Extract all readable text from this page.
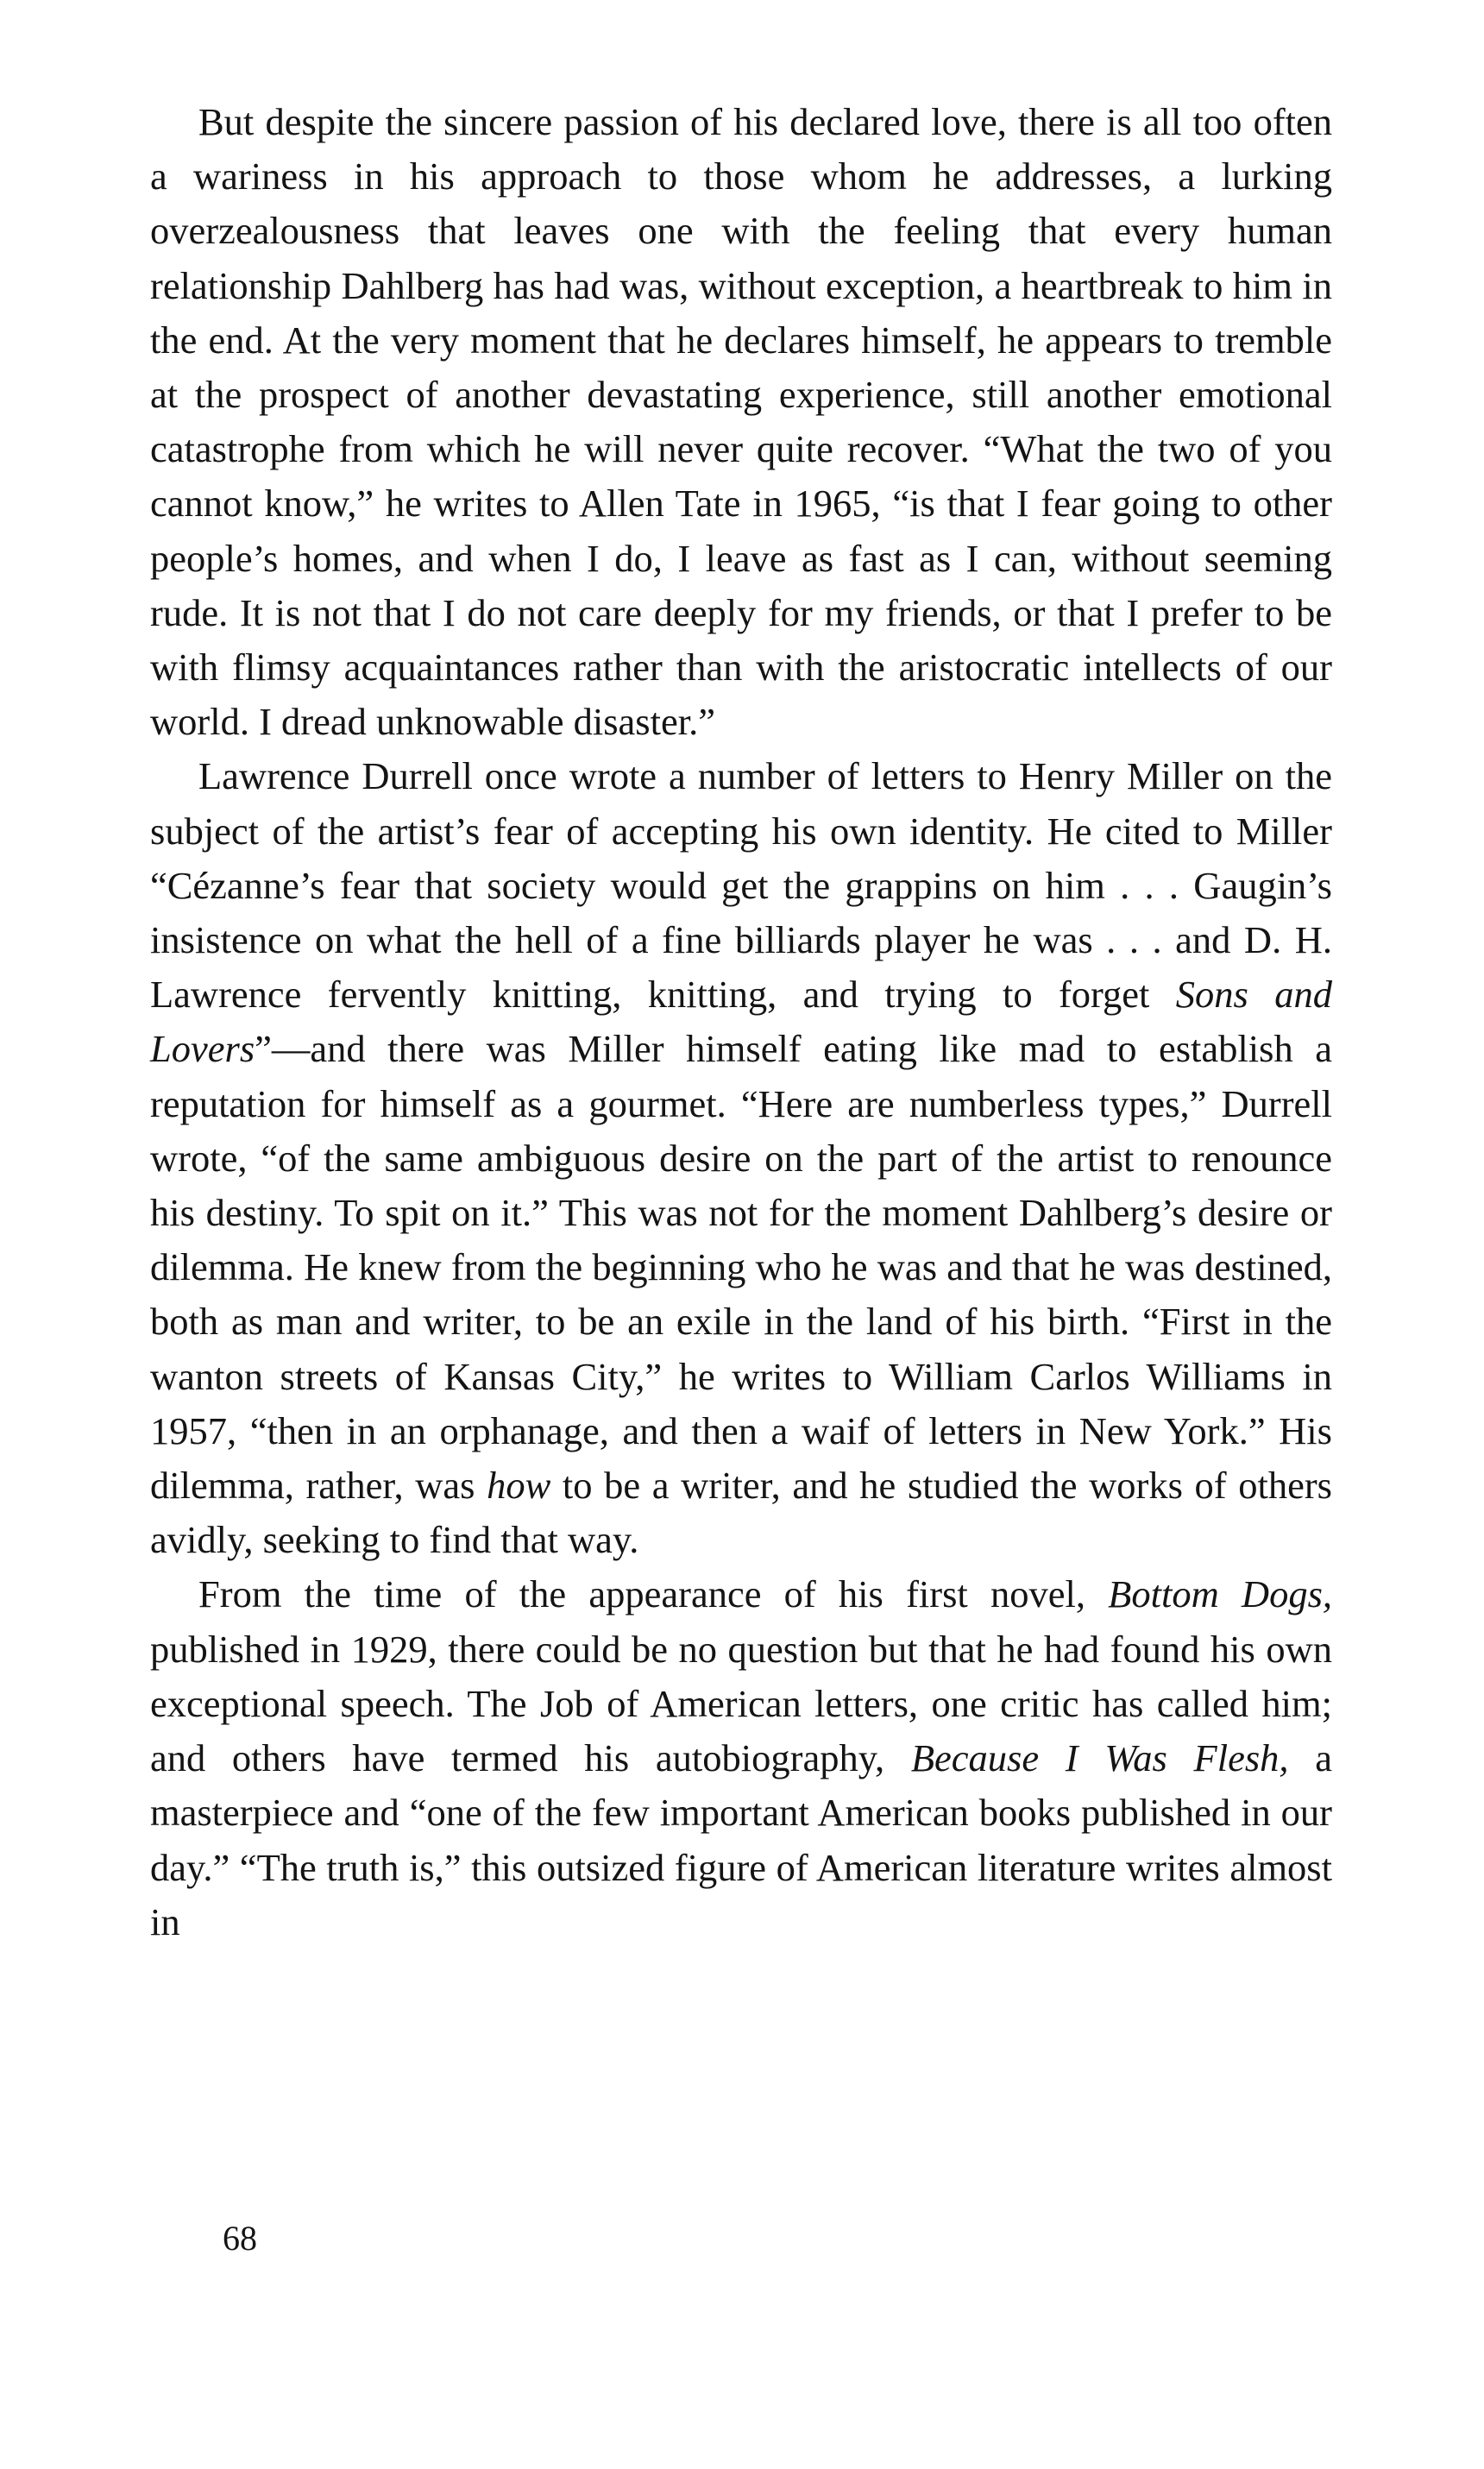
But despite the sincere passion of his declared love, there is all too often a wariness in his approach to those whom he addresses, a lurking overzealousness that leaves one with the feeling that every human relationship Dahlberg has had was, without exception, a heartbreak to him in the end. At the very moment that he declares himself, he appears to tremble at the prospect of another devastating experience, still another emotional catastrophe from which he will never quite recover. “What the two of you cannot know,” he writes to Allen Tate in 1965, “is that I fear going to other people’s homes, and when I do, I leave as fast as I can, without seeming rude. It is not that I do not care deeply for my friends, or that I prefer to be with flimsy acquaintances rather than with the aristocratic intellects of our world. I dread unknowable disaster.”

Lawrence Durrell once wrote a number of letters to Henry Miller on the subject of the artist’s fear of accepting his own identity. He cited to Miller “Cézanne’s fear that society would get the grappins on him . . . Gaugin’s insistence on what the hell of a fine billiards player he was . . . and D. H. Lawrence fervently knitting, knitting, and trying to forget Sons and Lovers”—and there was Miller himself eating like mad to establish a reputation for himself as a gourmet. “Here are numberless types,” Durrell wrote, “of the same ambiguous desire on the part of the artist to renounce his destiny. To spit on it.” This was not for the moment Dahlberg’s desire or dilemma. He knew from the beginning who he was and that he was destined, both as man and writer, to be an exile in the land of his birth. “First in the wanton streets of Kansas City,” he writes to William Carlos Williams in 1957, “then in an orphanage, and then a waif of letters in New York.” His dilemma, rather, was how to be a writer, and he studied the works of others avidly, seeking to find that way.

From the time of the appearance of his first novel, Bottom Dogs, published in 1929, there could be no question but that he had found his own exceptional speech. The Job of American letters, one critic has called him; and others have termed his autobiography, Because I Was Flesh, a masterpiece and “one of the few important American books published in our day.” “The truth is,” this outsized figure of American literature writes almost in

68
